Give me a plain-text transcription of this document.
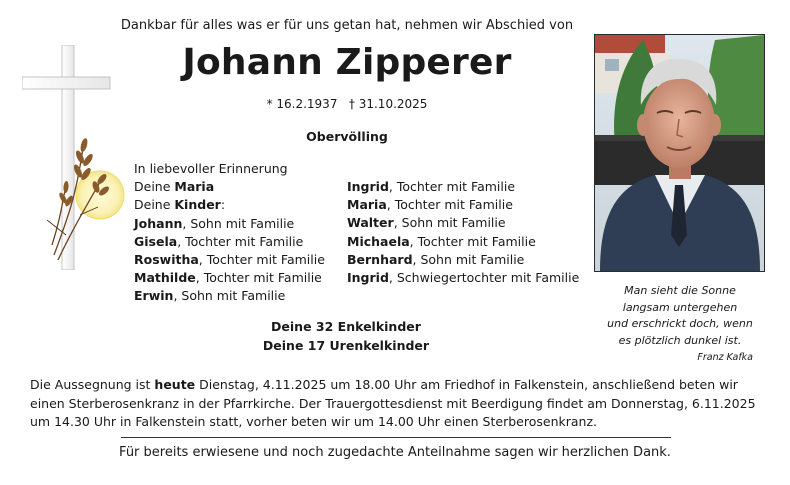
Dankbar für alles was er für uns getan hat, nehmen wir Abschied von
Johann Zipperer
* 16.2.1937 † 31.10.2025
Obervölling
In liebevoller Erinnerung
Deine Maria
Deine Kinder:
Johann, Sohn mit Familie
Gisela, Tochter mit Familie
Roswitha, Tochter mit Familie
Mathilde, Tochter mit Familie
Erwin, Sohn mit Familie
Ingrid, Tochter mit Familie
Maria, Tochter mit Familie
Walter, Sohn mit Familie
Michaela, Tochter mit Familie
Bernhard, Sohn mit Familie
Ingrid, Schwiegertochter mit Familie
Deine 32 Enkelkinder
Deine 17 Urenkelkinder
Man sieht die Sonne
langsam untergehen
und erschrickt doch, wenn
es plötzlich dunkel ist.
Franz Kafka
Die Aussegnung ist heute Dienstag, 4.11.2025 um 18.00 Uhr am Friedhof in Falkenstein, anschließend beten wir einen Sterberosenkranz in der Pfarrkirche. Der Trauergottesdienst mit Beerdigung findet am Donnerstag, 6.11.2025 um 14.30 Uhr in Falkenstein statt, vorher beten wir um 14.00 Uhr einen Sterberosenkranz.
Für bereits erwiesene und noch zugedachte Anteilnahme sagen wir herzlichen Dank.
